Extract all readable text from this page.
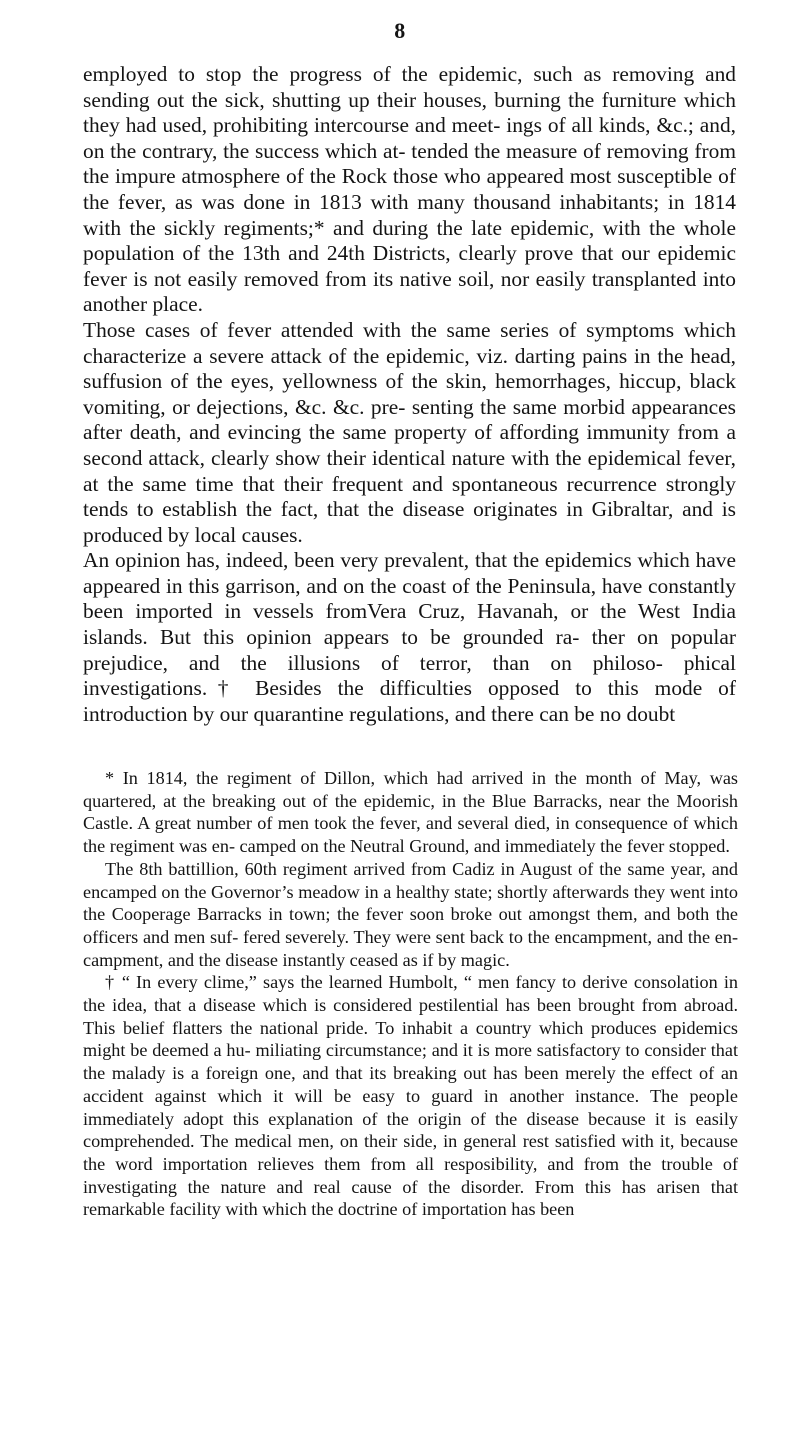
8

employed to stop the progress of the epidemic, such as removing and sending out the sick, shutting up their houses, burning the furniture which they had used, prohibiting intercourse and meet- ings of all kinds, &c.; and, on the contrary, the success which at- tended the measure of removing from the impure atmosphere of the Rock those who appeared most susceptible of the fever, as was done in 1813 with many thousand inhabitants; in 1814 with the sickly regiments;* and during the late epidemic, with the whole population of the 13th and 24th Districts, clearly prove that our epidemic fever is not easily removed from its native soil, nor easily transplanted into another place.

Those cases of fever attended with the same series of symptoms which characterize a severe attack of the epidemic, viz. darting pains in the head, suffusion of the eyes, yellowness of the skin, hemorrhages, hiccup, black vomiting, or dejections, &c. &c. pre- senting the same morbid appearances after death, and evincing the same property of affording immunity from a second attack, clearly show their identical nature with the epidemical fever, at the same time that their frequent and spontaneous recurrence strongly tends to establish the fact, that the disease originates in Gibraltar, and is produced by local causes.

An opinion has, indeed, been very prevalent, that the epidemics which have appeared in this garrison, and on the coast of the Peninsula, have constantly been imported in vessels fromVera Cruz, Havanah, or the West India islands. But this opinion appears to be grounded ra- ther on popular prejudice, and the illusions of terror, than on philoso- phical investigations.† Besides the difficulties opposed to this mode of introduction by our quarantine regulations, and there can be no doubt

* In 1814, the regiment of Dillon, which had arrived in the month of May, was quartered, at the breaking out of the epidemic, in the Blue Barracks, near the Moorish Castle. A great number of men took the fever, and several died, in consequence of which the regiment was en- camped on the Neutral Ground, and immediately the fever stopped.

The 8th battillion, 60th regiment arrived from Cadiz in August of the same year, and encamped on the Governor’s meadow in a healthy state; shortly afterwards they went into the Cooperage Barracks in town; the fever soon broke out amongst them, and both the officers and men suf- fered severely. They were sent back to the encampment, and the en- campment, and the disease instantly ceased as if by magic.

† “ In every clime,” says the learned Humbolt, “ men fancy to derive consolation in the idea, that a disease which is considered pestilential has been brought from abroad. This belief flatters the national pride. To inhabit a country which produces epidemics might be deemed a hu- miliating circumstance; and it is more satisfactory to consider that the malady is a foreign one, and that its breaking out has been merely the effect of an accident against which it will be easy to guard in another instance. The people immediately adopt this explanation of the origin of the disease because it is easily comprehended. The medical men, on their side, in general rest satisfied with it, because the word importation relieves them from all resposibility, and from the trouble of investigating the nature and real cause of the disorder. From this has arisen that remarkable facility with which the doctrine of importation has been
